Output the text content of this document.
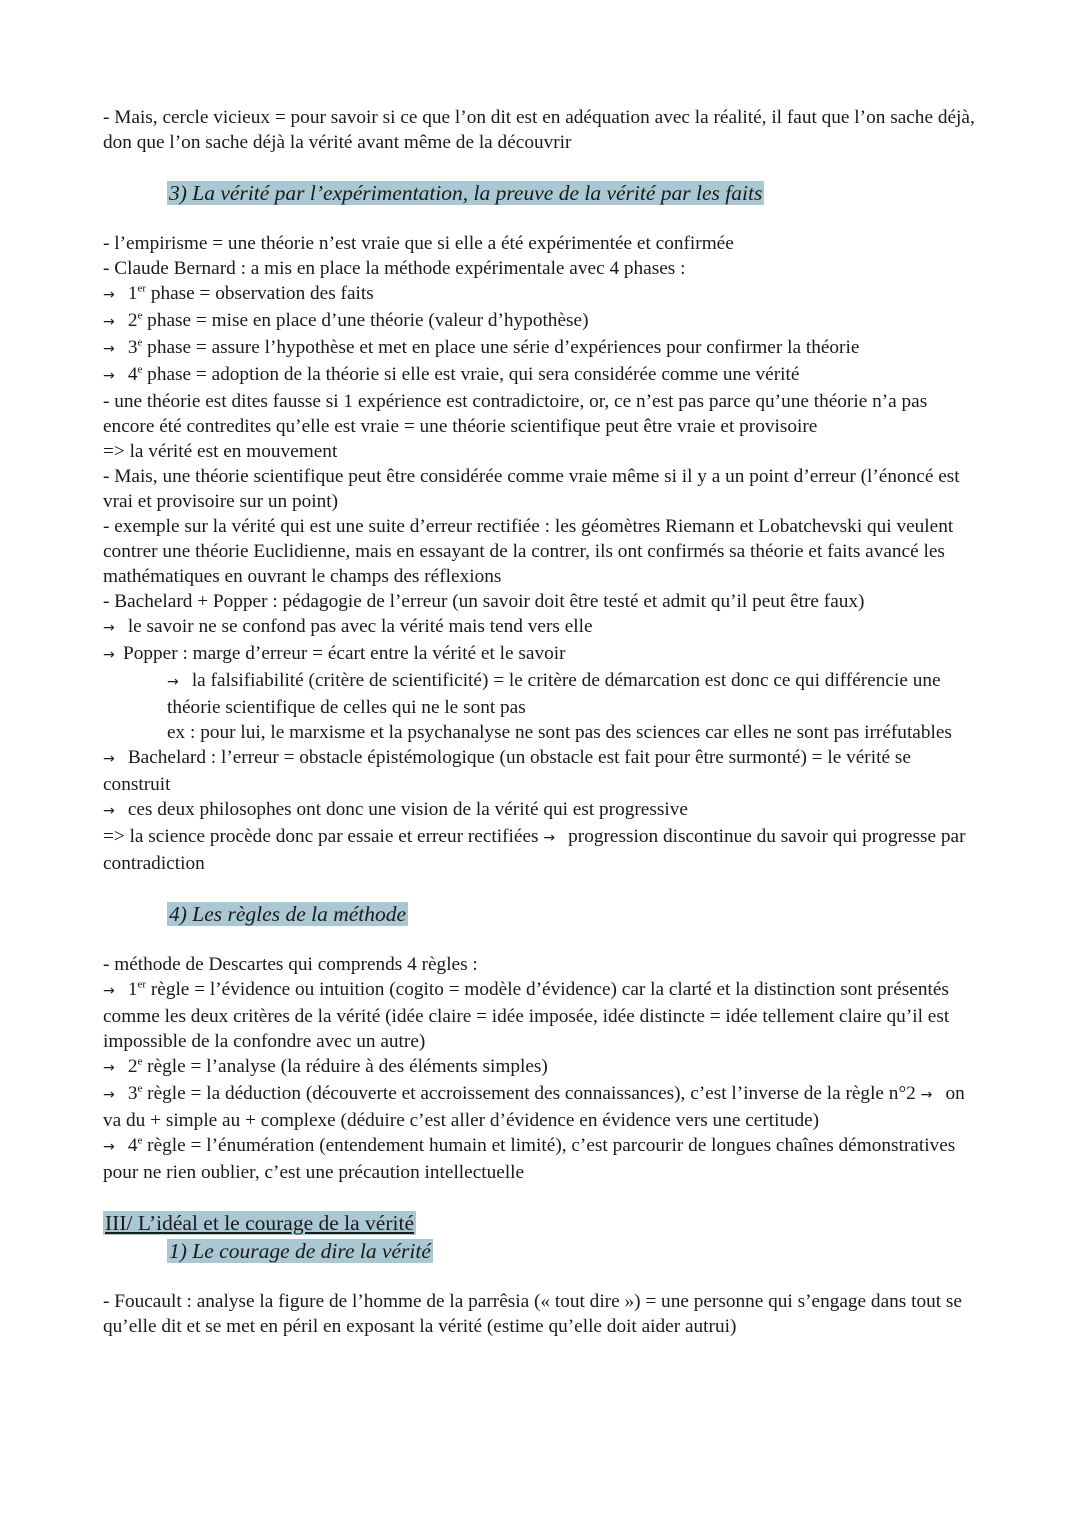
- Mais, cercle vicieux = pour savoir si ce que l’on dit est en adéquation avec la réalité, il faut que l’on sache déjà, don que l’on sache déjà la vérité avant même de la découvrir

3) La vérité par l’expérimentation, la preuve de la vérité par les faits

- l’empirisme = une théorie n’est vraie que si elle a été expérimentée et confirmée

- Claude Bernard : a mis en place la méthode expérimentale avec 4 phases :

→ 1er phase = observation des faits

→ $2^e$ phase = mise en place d’une théorie (valeur d’hypothèse)

→ $3^e$ phase = assure l’hypothèse et met en place une série d’expériences pour confirmer la théorie

→ $4^e$ phase = adoption de la théorie si elle est vraie, qui sera considérée comme une vérité

- une théorie est dites fausse si 1 expérience est contradictoire, or, ce n’est pas parce qu’une théorie n’a pas encore été contredites qu’elle est vraie = une théorie scientifique peut être vraie et provisoire

=> la vérité est en mouvement

- Mais, une théorie scientifique peut être considérée comme vraie même si il y a un point d’erreur (l’énoncé est vrai et provisoire sur un point)

- exemple sur la vérité qui est une suite d’erreur rectifiée : les géomètres Riemann et Lobatchevski qui veulent contrer une théorie Euclidienne, mais en essayant de la contrer, ils ont confirmés sa théorie et faits avancé les mathématiques en ouvrant le champs des réflexions

- Bachelard + Popper : pédagogie de l’erreur (un savoir doit être testé et admit qu’il peut être faux)

→ le savoir ne se confond pas avec la vérité mais tend vers elle

→ Popper : marge d’erreur = écart entre la vérité et le savoir

→ la falsifiabilité (critère de scientificité) = le critère de démarcation est donc ce qui différencie une théorie scientifique de celles qui ne le sont pas

ex : pour lui, le marxisme et la psychanalyse ne sont pas des sciences car elles ne sont pas irréfutables

→ Bachelard : l’erreur = obstacle épistémologique (un obstacle est fait pour être surmonté) = le vérité se construit

→ ces deux philosophes ont donc une vision de la vérité qui est progressive

=> la science procède donc par essaie et erreur rectifiées → progression discontinue du savoir qui progresse par contradiction

4) Les règles de la méthode

- méthode de Descartes qui comprends 4 règles :

→ 1er règle = l’évidence ou intuition (cogito = modèle d’évidence) car la clarté et la distinction sont présentés comme les deux critères de la vérité (idée claire = idée imposée, idée distincte = idée tellement claire qu’il est impossible de la confondre avec un autre)

→ $2^e$ règle = l’analyse (la réduire à des éléments simples)

→ $3^e$ règle = la déduction (découverte et accroissement des connaissances), c’est l’inverse de la règle n°2 → on va du + simple au + complexe (déduire c’est aller d’évidence en évidence vers une certitude)

→ $4^e$ règle = l’énumération (entendement humain et limité), c’est parcourir de longues chaînes démonstratives pour ne rien oublier, c’est une précaution intellectuelle

III/ L’idéal et le courage de la vérité

1) Le courage de dire la vérité

- Foucault : analyse la figure de l’homme de la parrêsia (« tout dire ») = une personne qui s’engage dans tout se qu’elle dit et se met en péril en exposant la vérité (estime qu’elle doit aider autrui)
